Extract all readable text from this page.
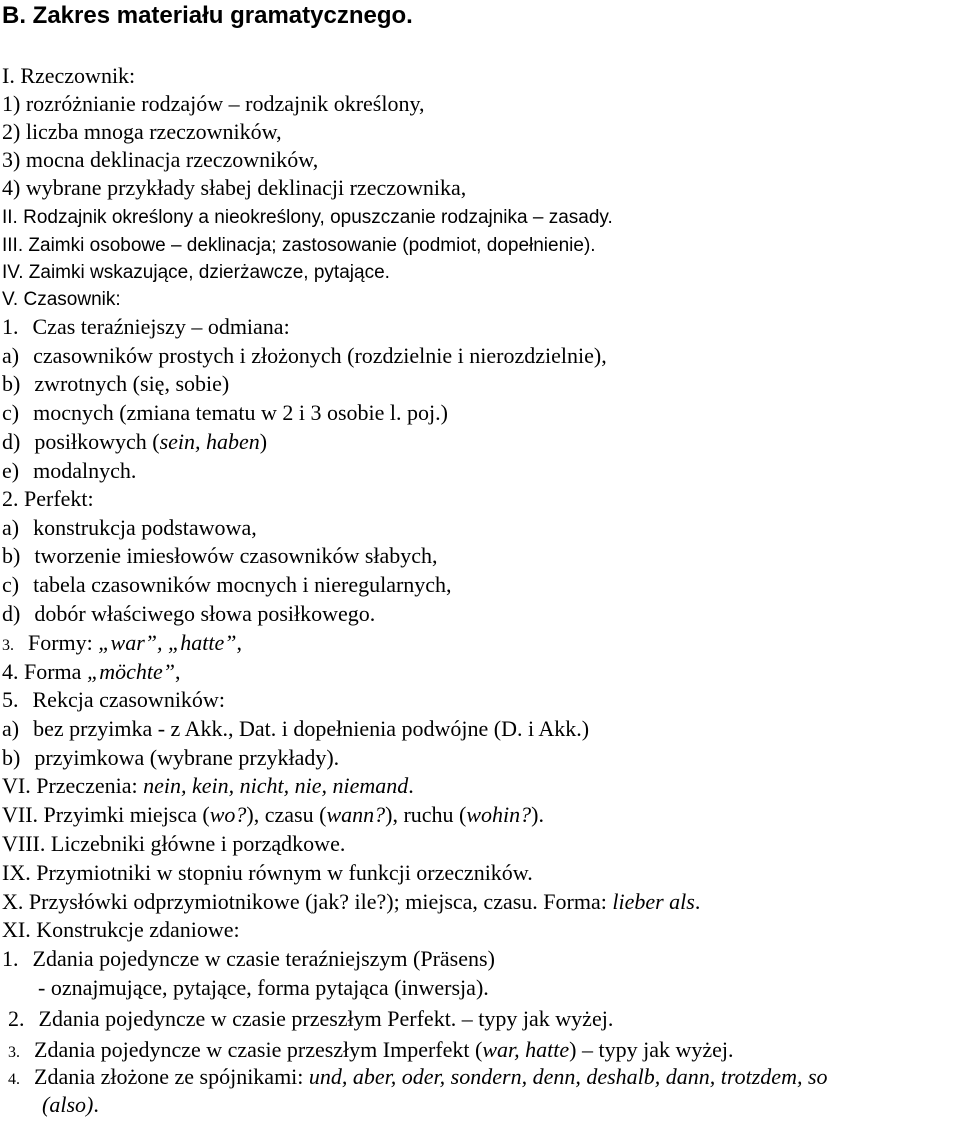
B. Zakres materiału gramatycznego.
I. Rzeczownik:
1) rozróżnianie rodzajów – rodzajnik określony,
2) liczba mnoga rzeczowników,
3) mocna deklinacja rzeczowników,
4) wybrane przykłady słabej deklinacji rzeczownika,
II. Rodzajnik określony a nieokreślony, opuszczanie rodzajnika – zasady.
III. Zaimki osobowe – deklinacja; zastosowanie (podmiot, dopełnienie).
IV. Zaimki wskazujące, dzierżawcze, pytające.
V. Czasownik:
1. Czas teraźniejszy – odmiana:
a) czasowników prostych i złożonych (rozdzielnie i nierozdzielnie),
b) zwrotnych (się, sobie)
c) mocnych (zmiana tematu w 2 i 3 osobie l. poj.)
d) posiłkowych (sein, haben)
e) modalnych.
2. Perfekt:
a) konstrukcja podstawowa,
b) tworzenie imiesłowów czasowników słabych,
c) tabela czasowników mocnych i nieregularnych,
d) dobór właściwego słowa posiłkowego.
3. Formy: „war”, „hatte”,
4. Forma „möchte”,
5. Rekcja czasowników:
a) bez przyimka - z Akk., Dat. i dopełnienia podwójne (D. i Akk.)
b) przyimkowa (wybrane przykłady).
VI. Przeczenia: nein, kein, nicht, nie, niemand.
VII. Przyimki miejsca (wo?), czasu (wann?), ruchu (wohin?).
VIII. Liczebniki główne i porządkowe.
IX. Przymiotniki w stopniu równym w funkcji orzeczników.
X. Przysłówki odprzymiotnikowe (jak? ile?); miejsca, czasu. Forma: lieber als.
XI. Konstrukcje zdaniowe:
1. Zdania pojedyncze w czasie teraźniejszym (Präsens)
- oznajmujące, pytające, forma pytająca (inwersja).
2. Zdania pojedyncze w czasie przeszłym Perfekt. – typy jak wyżej.
3. Zdania pojedyncze w czasie przeszłym Imperfekt (war, hatte) – typy jak wyżej.
4. Zdania złożone ze spójnikami: und, aber, oder, sondern, denn, deshalb, dann, trotzdem, so
(also).
